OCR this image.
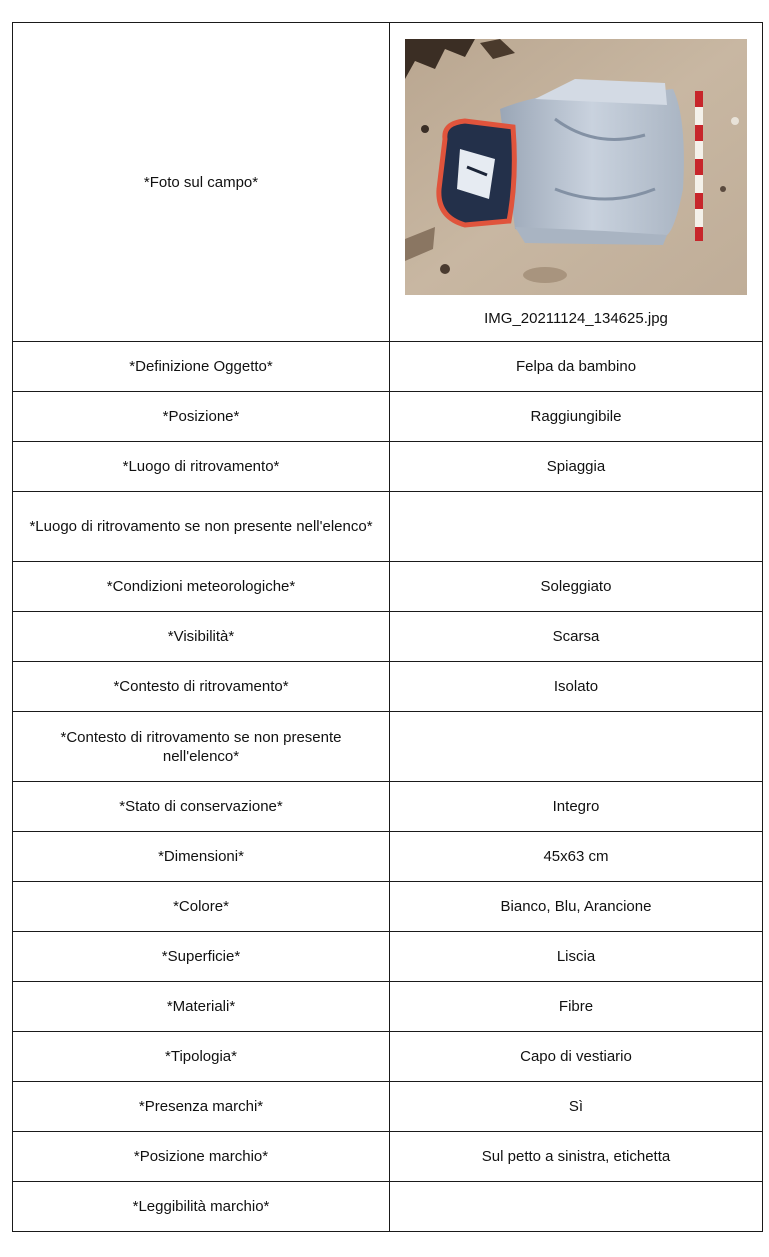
*Foto sul campo*	IMG_20211124_134625.jpg

*Definizione Oggetto*	Felpa da bambino
*Posizione*	Raggiungibile
*Luogo di ritrovamento*	Spiaggia
*Luogo di ritrovamento se non presente nell'elenco*	
*Condizioni meteorologiche*	Soleggiato
*Visibilità*	Scarsa
*Contesto di ritrovamento*	Isolato
*Contesto di ritrovamento se non presente nell'elenco*	
*Stato di conservazione*	Integro
*Dimensioni*	45x63 cm
*Colore*	Bianco, Blu, Arancione
*Superficie*	Liscia
*Materiali*	Fibre
*Tipologia*	Capo di vestiario
*Presenza marchi*	Sì
*Posizione marchio*	Sul petto a sinistra, etichetta
*Leggibilità marchio*	
